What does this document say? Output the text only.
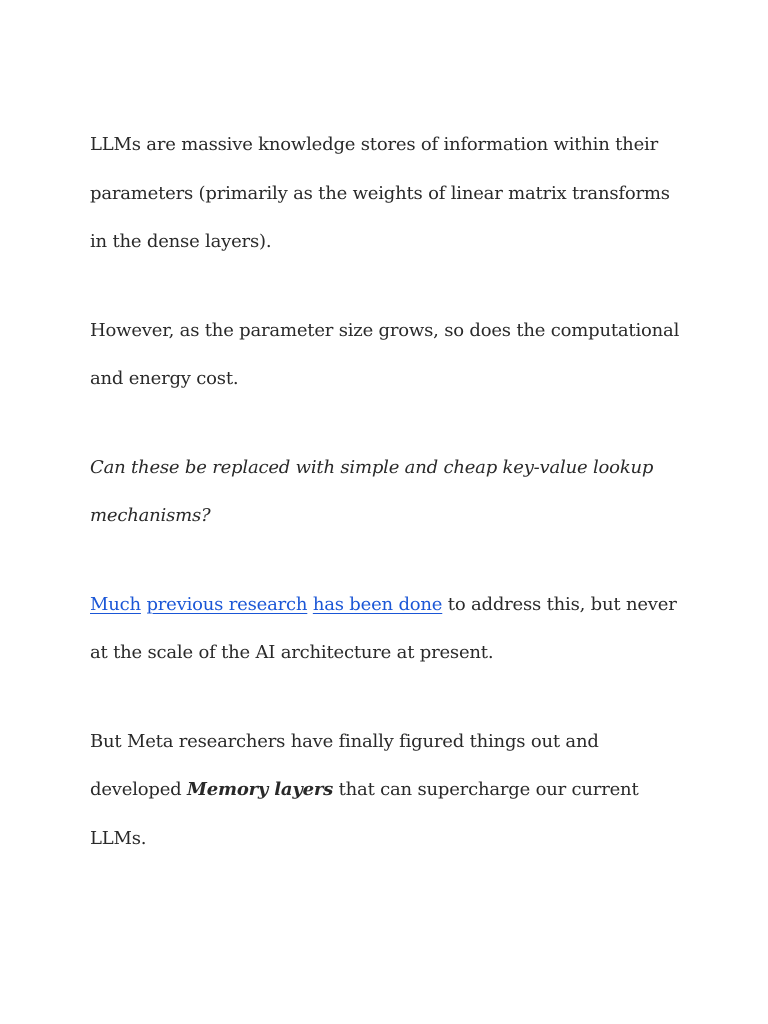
LLMs are massive knowledge stores of information within their parameters (primarily as the weights of linear matrix transforms in the dense layers).

However, as the parameter size grows, so does the computational and energy cost.

Can these be replaced with simple and cheap key-value lookup mechanisms?

Much previous research has been done to address this, but never at the scale of the AI architecture at present.

But Meta researchers have finally figured things out and developed Memory layers that can supercharge our current LLMs.
